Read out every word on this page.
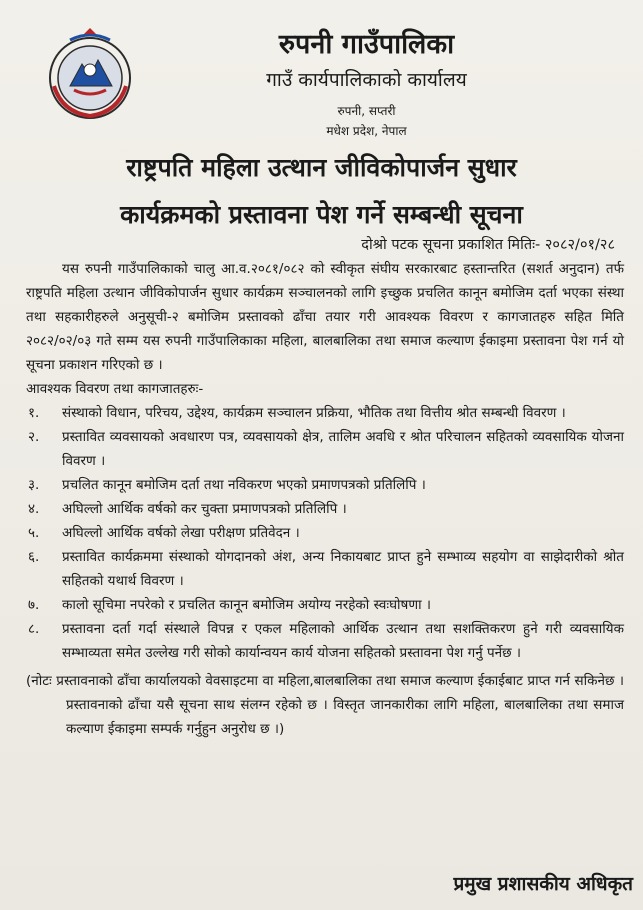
रुपनी गाउँपालिका
गाउँ कार्यपालिकाको कार्यालय
रुपनी, सप्तरी
मधेश प्रदेश, नेपाल
राष्ट्रपति महिला उत्थान जीविकोपार्जन सुधार
कार्यक्रमको प्रस्तावना पेश गर्ने सम्बन्धी सूचना
दोश्रो पटक सूचना प्रकाशित मितिः- २०८२/०१/२८

यस रुपनी गाउँपालिकाको चालु आ.व.२०८१/०८२ को स्वीकृत संघीय सरकारबाट हस्तान्तरित (सशर्त अनुदान) तर्फ राष्ट्रपति महिला उत्थान जीविकोपार्जन सुधार कार्यक्रम सञ्चालनको लागि इच्छुक प्रचलित कानून बमोजिम दर्ता भएका संस्था तथा सहकारीहरुले अनुसूची-२ बमोजिम प्रस्तावको ढाँचा तयार गरी आवश्यक विवरण र कागजातहरु सहित मिति २०८२/०२/०३ गते सम्म यस रुपनी गाउँपालिकाका महिला, बालबालिका तथा समाज कल्याण ईकाइमा प्रस्तावना पेश गर्न यो सूचना प्रकाशन गरिएको छ ।

आवश्यक विवरण तथा कागजातहरुः-

१. संस्थाको विधान, परिचय, उद्देश्य, कार्यक्रम सञ्चालन प्रक्रिया, भौतिक तथा वित्तीय श्रोत सम्बन्धी विवरण ।
२. प्रस्तावित व्यवसायको अवधारण पत्र, व्यवसायको क्षेत्र, तालिम अवधि र श्रोत परिचालन सहितको व्यवसायिक योजना विवरण ।
३. प्रचलित कानून बमोजिम दर्ता तथा नविकरण भएको प्रमाणपत्रको प्रतिलिपि ।
४. अघिल्लो आर्थिक वर्षको कर चुक्ता प्रमाणपत्रको प्रतिलिपि ।
५. अघिल्लो आर्थिक वर्षको लेखा परीक्षण प्रतिवेदन ।
६. प्रस्तावित कार्यक्रममा संस्थाको योगदानको अंश, अन्य निकायबाट प्राप्त हुने सम्भाव्य सहयोग वा साझेदारीको श्रोत सहितको यथार्थ विवरण ।
७. कालो सूचिमा नपरेको र प्रचलित कानून बमोजिम अयोग्य नरहेको स्वःघोषणा ।
८. प्रस्तावना दर्ता गर्दा संस्थाले विपन्न र एकल महिलाको आर्थिक उत्थान तथा सशक्तिकरण हुने गरी व्यवसायिक सम्भाव्यता समेत उल्लेख गरी सोको कार्यान्वयन कार्य योजना सहितको प्रस्तावना पेश गर्नु पर्नेछ ।

(नोटः प्रस्तावनाको ढाँचा कार्यालयको वेवसाइटमा वा महिला,बालबालिका तथा समाज कल्याण ईकाईबाट प्राप्त गर्न सकिनेछ ।प्रस्तावनाको ढाँचा यसै सूचना साथ संलग्न रहेको छ । विस्तृत जानकारीका लागि महिला, बालबालिका तथा समाज कल्याण ईकाइमा सम्पर्क गर्नुहुन अनुरोध छ ।)

प्रमुख प्रशासकीय अधिकृत
